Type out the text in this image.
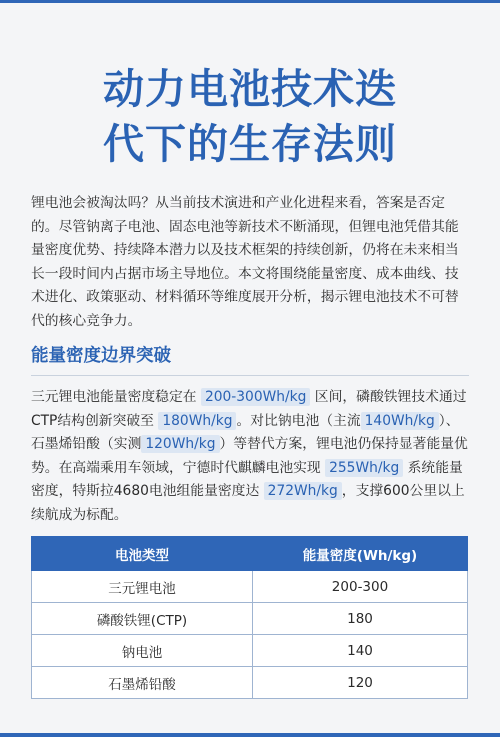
动力电池技术迭
代下的生存法则
锂电池会被淘汰吗？从当前技术演进和产业化进程来看，答案是否定的。尽管钠离子电池、固态电池等新技术不断涌现，但锂电池凭借其能量密度优势、持续降本潜力以及技术框架的持续创新，仍将在未来相当长一段时间内占据市场主导地位。本文将围绕能量密度、成本曲线、技术进化、政策驱动、材料循环等维度展开分析，揭示锂电池技术不可替代的核心竞争力。
能量密度边界突破
三元锂电池能量密度稳定在 200-300Wh/kg 区间，磷酸铁锂技术通过CTP结构创新突破至 180Wh/kg 。对比钠电池（主流 140Wh/kg ）、石墨烯铅酸（实测 120Wh/kg ）等替代方案，锂电池仍保持显著能量优势。在高端乘用车领域，宁德时代麒麟电池实现 255Wh/kg 系统能量密度，特斯拉4680电池组能量密度达 272Wh/kg ，支撑600公里以上续航成为标配。
电池类型	能量密度(Wh/kg)
三元锂电池	200-300
磷酸铁锂(CTP)	180
钠电池	140
石墨烯铅酸	120
